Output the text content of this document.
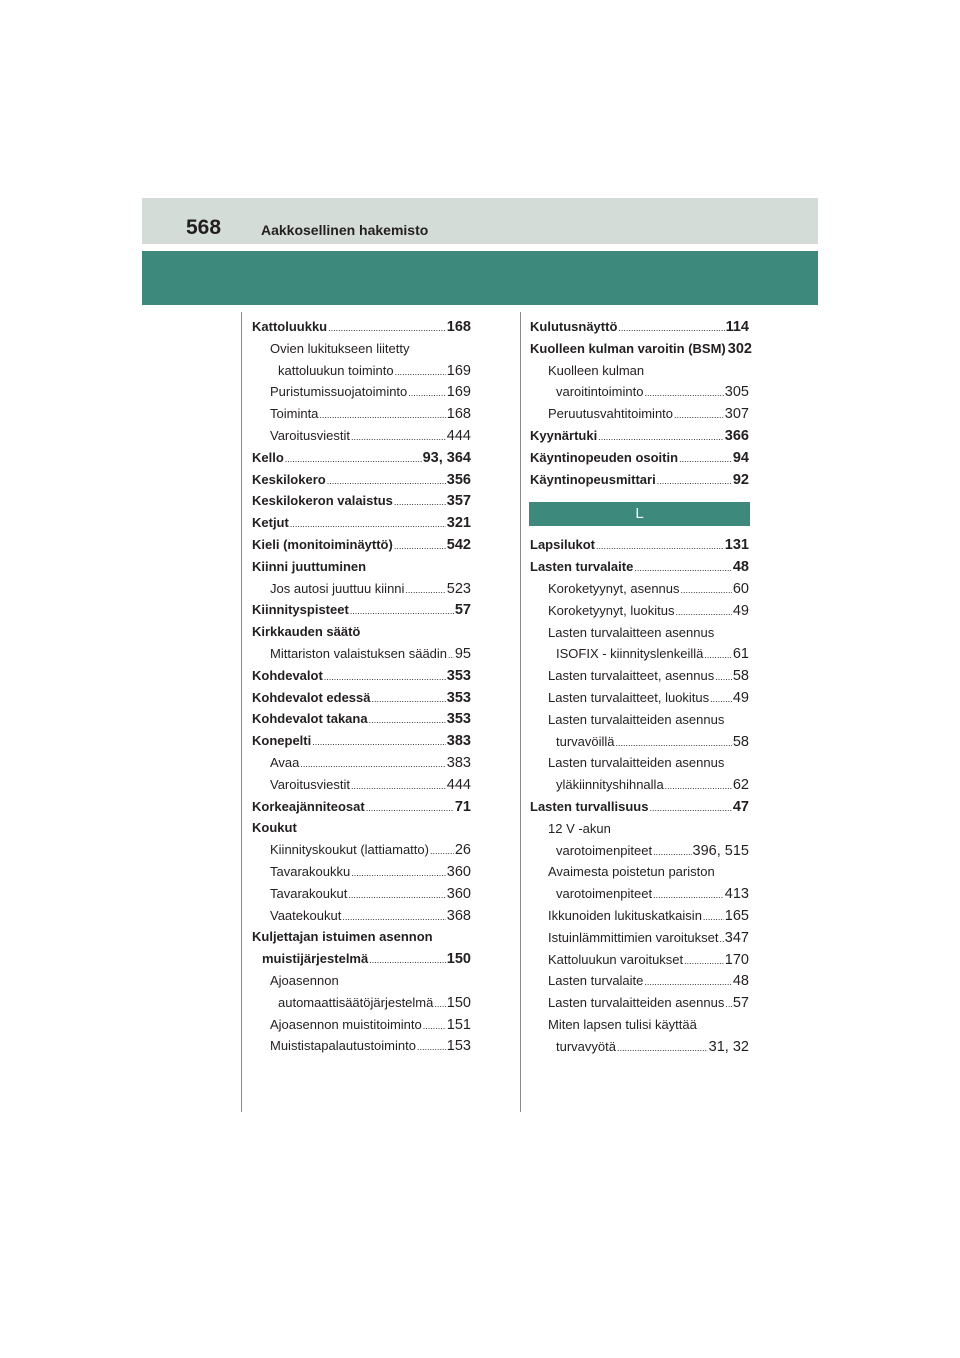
568	Aakkosellinen hakemisto
Kattoluukku .....	168
Ovien lukitukseen liitetty
kattoluukun toiminto .....	169
Puristumissuojatoiminto .....	169
Toiminta .....	168
Varoitusviestit .....	444
Kello .....	93, 364
Keskilokero .....	356
Keskilokeron valaistus .....	357
Ketjut .....	321
Kieli (monitoiminäyttö) .....	542
Kiinni juuttuminen
Jos autosi juuttuu kiinni .....	523
Kiinnityspisteet .....	57
Kirkkauden säätö
Mittariston valaistuksen säädin ..... 95
Kohdevalot .....	353
Kohdevalot edessä .....	353
Kohdevalot takana .....	353
Konepelti .....	383
Avaa .....	383
Varoitusviestit .....	444
Korkeajänniteosat .....	71
Koukut
Kiinnityskoukut (lattiamatto) ..... 26
Tavarakoukku .....	360
Tavarakoukut .....	360
Vaatekoukut .....	368
Kuljettajan istuimen asennon
muistijärjestelmä .....	150
Ajoasennon
automaattisäätöjärjestelmä ..... 150
Ajoasennon muistitoiminto ..... 151
Muististapalautustoiminto ..... 153
Kulutusnäyttö .....	114
Kuolleen kulman varoitin (BSM) 302
Kuolleen kulman
varoitintoiminto .....	305
Peruutusvahtitoiminto .....	307
Kyynärtuki .....	366
Käyntinopeuden osoitin .....	94
Käyntinopeusmittari .....	92
L
Lapsilukot .....	131
Lasten turvalaite .....	48
Koroketyynyt, asennus .....	60
Koroketyynyt, luokitus .....	49
Lasten turvalaitteen asennus
ISOFIX - kiinnityslenkeillä ..... 61
Lasten turvalaitteet, asennus ..... 58
Lasten turvalaitteet, luokitus ..... 49
Lasten turvalaitteiden asennus
turvavöillä .....	58
Lasten turvalaitteiden asennus
yläkiinnityshihnalla .....	62
Lasten turvallisuus .....	47
12 V -akun
varotoimenpiteet .....	396, 515
Avaimesta poistetun pariston
varotoimenpiteet .....	413
Ikkunoiden lukituskatkaisin ..... 165
Istuinlämmittimien varoitukset ..... 347
Kattoluukun varoitukset .....	170
Lasten turvalaite .....	48
Lasten turvalaitteiden asennus ..... 57
Miten lapsen tulisi käyttää
turvavyötä .....	31, 32
